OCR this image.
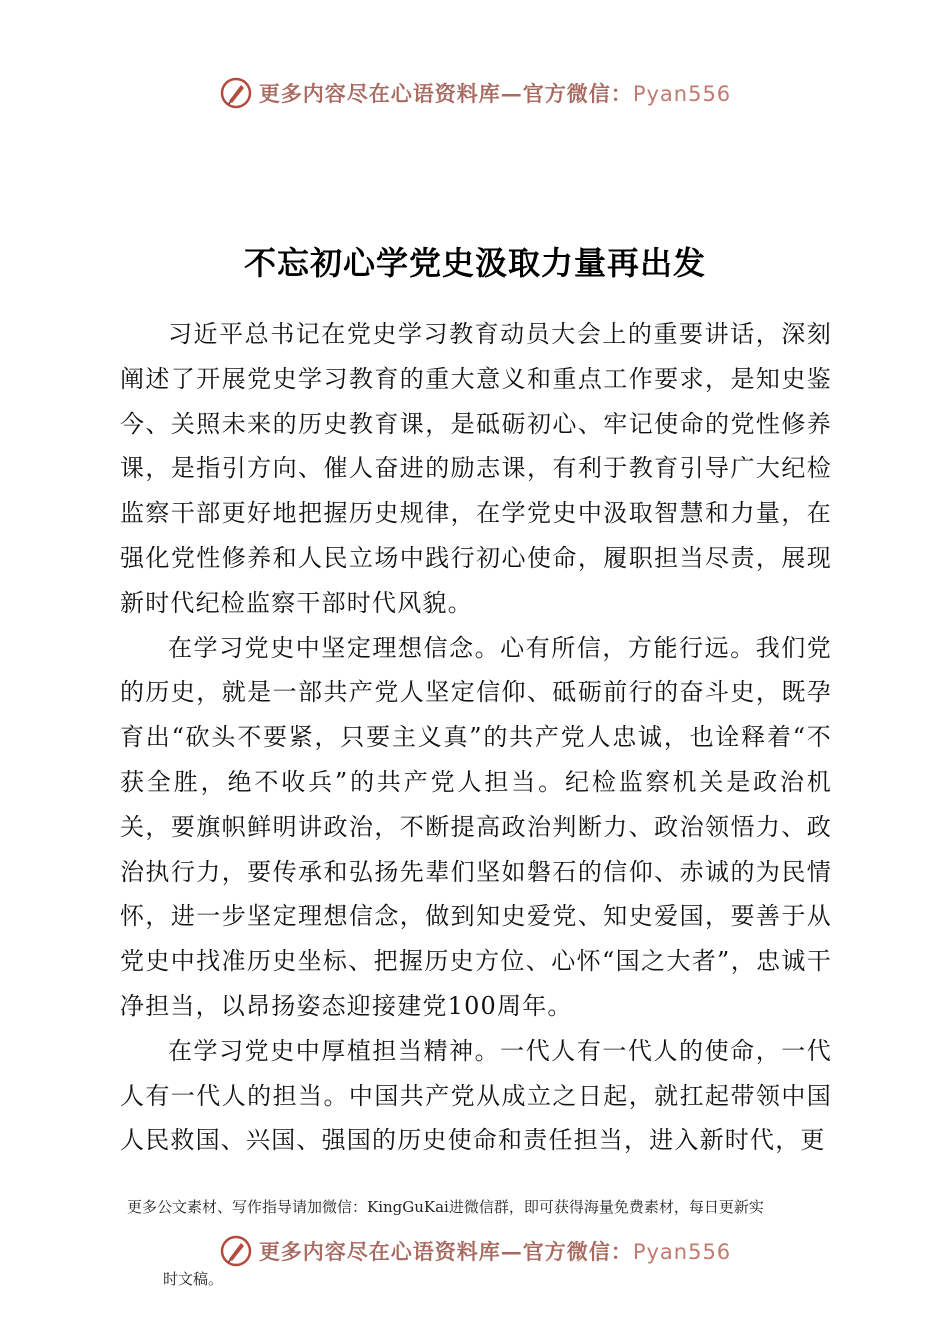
更多内容尽在心语资料库—官方微信：Pyan556
不忘初心学党史汲取力量再出发

习近平总书记在党史学习教育动员大会上的重要讲话，深刻阐述了开展党史学习教育的重大意义和重点工作要求，是知史鉴今、关照未来的历史教育课，是砥砺初心、牢记使命的党性修养课，是指引方向、催人奋进的励志课，有利于教育引导广大纪检监察干部更好地把握历史规律，在学党史中汲取智慧和力量，在强化党性修养和人民立场中践行初心使命，履职担当尽责，展现新时代纪检监察干部时代风貌。

在学习党史中坚定理想信念。心有所信，方能行远。我们党的历史，就是一部共产党人坚定信仰、砥砺前行的奋斗史，既孕育出“砍头不要紧，只要主义真”的共产党人忠诚，也诠释着“不获全胜，绝不收兵”的共产党人担当。纪检监察机关是政治机关，要旗帜鲜明讲政治，不断提高政治判断力、政治领悟力、政治执行力，要传承和弘扬先辈们坚如磐石的信仰、赤诚的为民情怀，进一步坚定理想信念，做到知史爱党、知史爱国，要善于从党史中找准历史坐标、把握历史方位、心怀“国之大者”，忠诚干净担当，以昂扬姿态迎接建党100周年。

在学习党史中厚植担当精神。一代人有一代人的使命，一代人有一代人的担当。中国共产党从成立之日起，就扛起带领中国人民救国、兴国、强国的历史使命和责任担当，进入新时代，更

更多公文素材、写作指导请加微信：KingGuKai进微信群，即可获得海量免费素材，每日更新实
更多内容尽在心语资料库—官方微信：Pyan556
时文稿。
